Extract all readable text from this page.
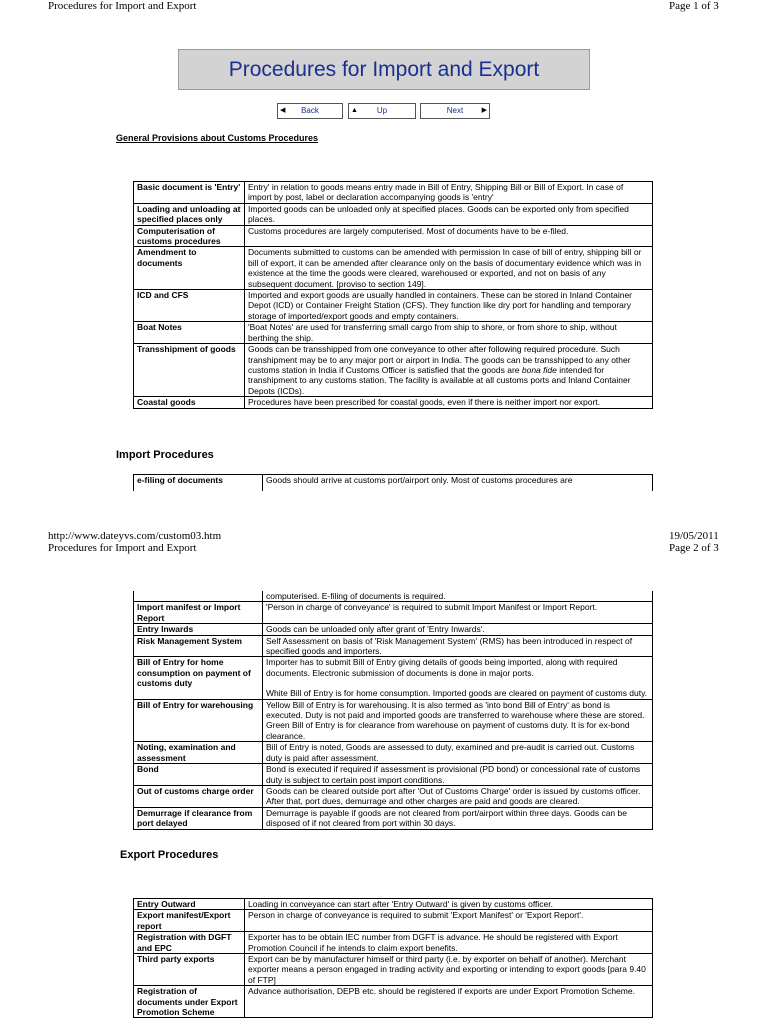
Procedures for Import and Export	Page 1 of 3
Procedures for Import and Export
◀ Back	▲ Up	Next	▶
General Provisions about Customs Procedures
Basic document is 'Entry'	Entry' in relation to goods means entry made in Bill of Entry, Shipping Bill or Bill of Export. In case of import by post, label or declaration accompanying goods is 'entry'
Loading and unloading at specified places only	Imported goods can be unloaded only at specified places. Goods can be exported only from specified places.
Computerisation of customs procedures	Customs procedures are largely computerised. Most of documents have to be e-filed.
Amendment to documents	Documents submitted to customs can be amended with permission In case of bill of entry, shipping bill or bill of export, it can be amended after clearance only on the basis of documentary evidence which was in existence at the time the goods were cleared, warehoused or exported, and not on basis of any subsequent document. [proviso to section 149].
ICD and CFS	Imported and export goods are usually handled in containers. These can be stored in Inland Container Depot (ICD) or Container Freight Station (CFS). They function like dry port for handling and temporary storage of imported/export goods and empty containers.
Boat Notes	'Boat Notes' are used for transferring small cargo from ship to shore, or from shore to ship, without berthing the ship.
Transshipment of goods	Goods can be transshipped from one conveyance to other after following required procedure. Such transhipment may be to any major port or airport in India. The goods can be transshipped to any other customs station in India if Customs Officer is satisfied that the goods are bona fide intended for transhipment to any customs station. The facility is available at all customs ports and Inland Container Depots (ICDs).
Coastal goods	Procedures have been prescribed for coastal goods, even if there is neither import nor export.
Import Procedures
e-filing of documents	Goods should arrive at customs port/airport only. Most of customs procedures are
http://www.dateyvs.com/custom03.htm	19/05/2011
Procedures for Import and Export	Page 2 of 3
	computerised. E-filing of documents is required.
Import manifest or Import Report	'Person in charge of conveyance' is required to submit Import Manifest or Import Report.
Entry Inwards	Goods can be unloaded only after grant of 'Entry Inwards'.
Risk Management System	Self Assessment on basis of 'Risk Management System' (RMS) has been introduced in respect of specified goods and importers.
Bill of Entry for home consumption on payment of customs duty	Importer has to submit Bill of Entry giving details of goods being imported, along with required documents. Electronic submission of documents is done in major ports.

White Bill of Entry is for home consumption. Imported goods are cleared on payment of customs duty.

Bill of Entry for warehousing	Yellow Bill of Entry is for warehousing. It is also termed as 'into bond Bill of Entry' as bond is executed. Duty is not paid and imported goods are transferred to warehouse where these are stored. Green Bill of Entry is for clearance from warehouse on payment of customs duty. It is for ex-bond clearance.
Noting, examination and assessment	Bill of Entry is noted, Goods are assessed to duty, examined and pre-audit is carried out. Customs duty is paid after assessment.
Bond	Bond is executed if required if assessment is provisional (PD bond) or concessional rate of customs duty is subject to certain post import conditions.
Out of customs charge order	Goods can be cleared outside port after 'Out of Customs Charge' order is issued by customs officer. After that, port dues, demurrage and other charges are paid and goods are cleared.
Demurrage if clearance from port delayed	Demurrage is payable if goods are not cleared from port/airport within three days. Goods can be disposed of if not cleared from port within 30 days.
Export Procedures
Entry Outward	Loading in conveyance can start after 'Entry Outward' is given by customs officer.
Export manifest/Export report	Person in charge of conveyance is required to submit 'Export Manifest' or 'Export Report'.
Registration with DGFT and EPC	Exporter has to be obtain IEC number from DGFT is advance. He should be registered with Export Promotion Council if he intends to claim export benefits.
Third party exports	Export can be by manufacturer himself or third party (i.e. by exporter on behalf of another). Merchant exporter means a person engaged in trading activity and exporting or intending to export goods [para 9.40 of FTP]
Registration of documents under Export Promotion Scheme	Advance authorisation, DEPB etc. should be registered if exports are under Export Promotion Scheme.
